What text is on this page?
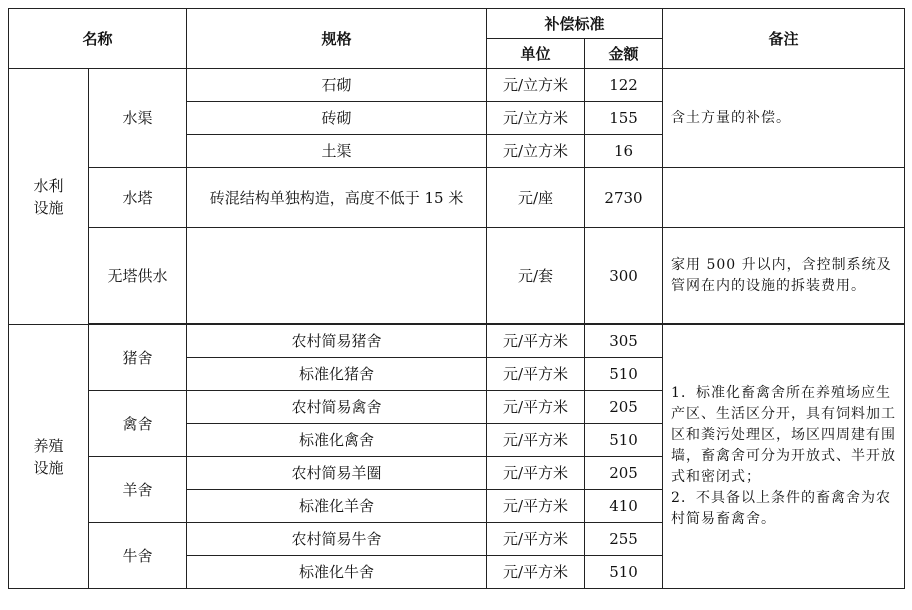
名称		规格	补偿标准		备注
			单位	金额	
水利设施	水渠	石砌	元/立方米	122	含土方量的补偿。
		砖砌	元/立方米	155	
		土渠	元/立方米	16	
	水塔	砖混结构单独构造，高度不低于 15 米	元/座	2730	
	无塔供水		元/套	300	家用 500 升以内，含控制系统及管网在内的设施的拆装费用。

养殖设施	猪舍	农村简易猪舍	元/平方米	305	1．标准化畜禽舍所在养殖场应生产区、生活区分开，具有饲料加工区和粪污处理区，场区四周建有围墙，畜禽舍可分为开放式、半开放式和密闭式；
2．不具备以上条件的畜禽舍为农村简易畜禽舍。

		标准化猪舍	元/平方米	510	
	禽舍	农村简易禽舍	元/平方米	205	
		标准化禽舍	元/平方米	510	
	羊舍	农村简易羊圈	元/平方米	205	
		标准化羊舍	元/平方米	410	
	牛舍	农村简易牛舍	元/平方米	255	
		标准化牛舍	元/平方米	510	
